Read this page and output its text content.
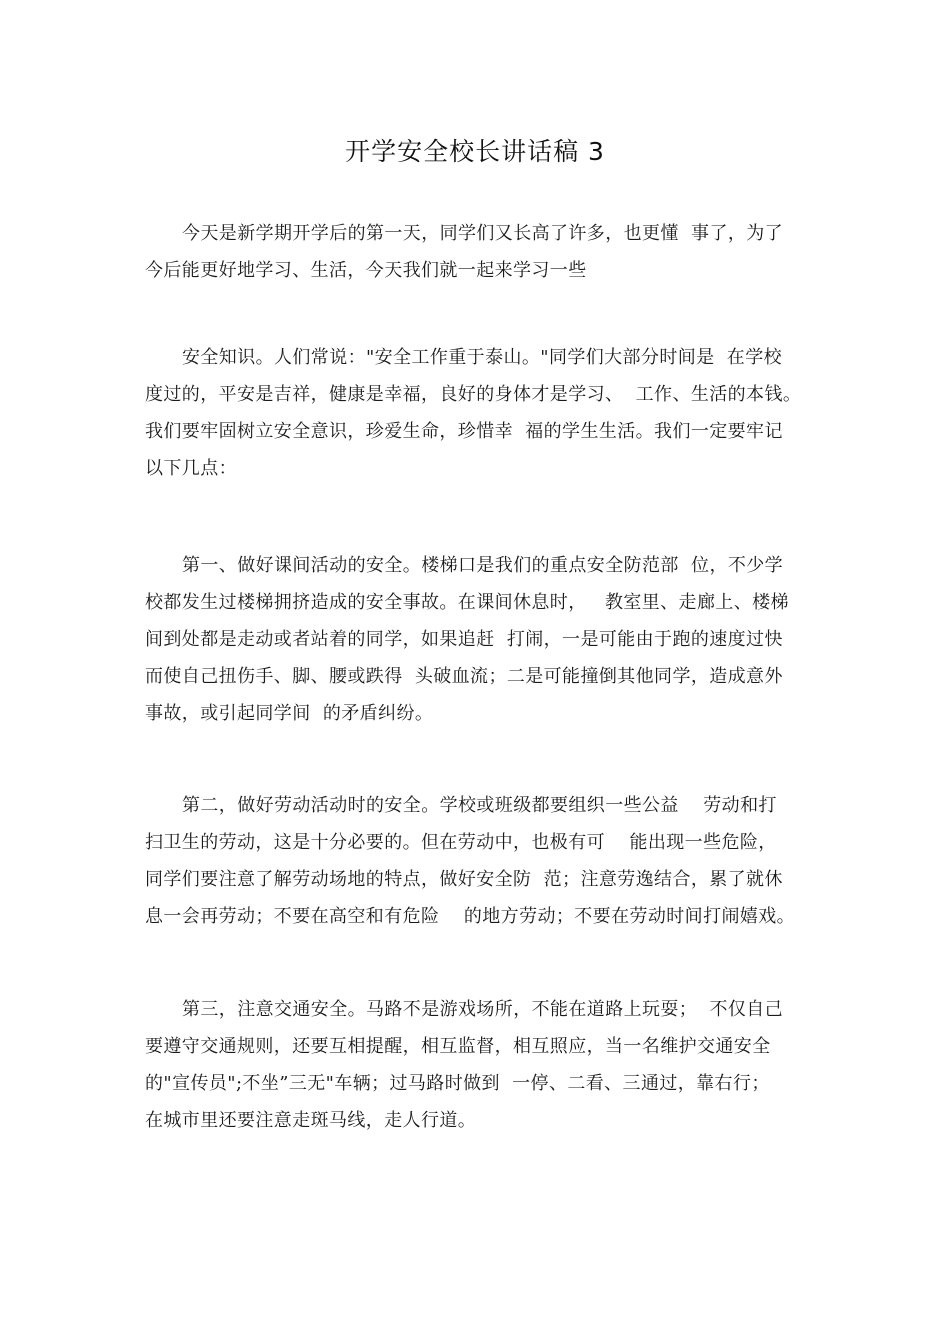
开学安全校长讲话稿 3
今天是新学期开学后的第一天，同学们又长高了许多，也更懂  事了，为了
今后能更好地学习、生活，今天我们就一起来学习一些
安全知识。人们常说："安全工作重于泰山。"同学们大部分时间是  在学校
度过的，平安是吉祥，健康是幸福，良好的身体才是学习、  工作、生活的本钱。
我们要牢固树立安全意识，珍爱生命，珍惜幸  福的学生生活。我们一定要牢记
以下几点：
第一、做好课间活动的安全。楼梯口是我们的重点安全防范部  位，不少学
校都发生过楼梯拥挤造成的安全事故。在课间休息时，   教室里、走廊上、楼梯
间到处都是走动或者站着的同学，如果追赶  打闹，一是可能由于跑的速度过快
而使自己扭伤手、脚、腰或跌得  头破血流；二是可能撞倒其他同学，造成意外
事故，或引起同学间  的矛盾纠纷。
第二，做好劳动活动时的安全。学校或班级都要组织一些公益    劳动和打
扫卫生的劳动，这是十分必要的。但在劳动中，也极有可    能出现一些危险，
同学们要注意了解劳动场地的特点，做好安全防  范；注意劳逸结合，累了就休
息一会再劳动；不要在高空和有危险    的地方劳动；不要在劳动时间打闹嬉戏。
第三，注意交通安全。马路不是游戏场所，不能在道路上玩耍；  不仅自己
要遵守交通规则，还要互相提醒，相互监督，相互照应，当一名维护交通安全
的"宣传员";不坐”三无"车辆；过马路时做到  一停、二看、三通过，靠右行；
在城市里还要注意走斑马线，走人行道。
